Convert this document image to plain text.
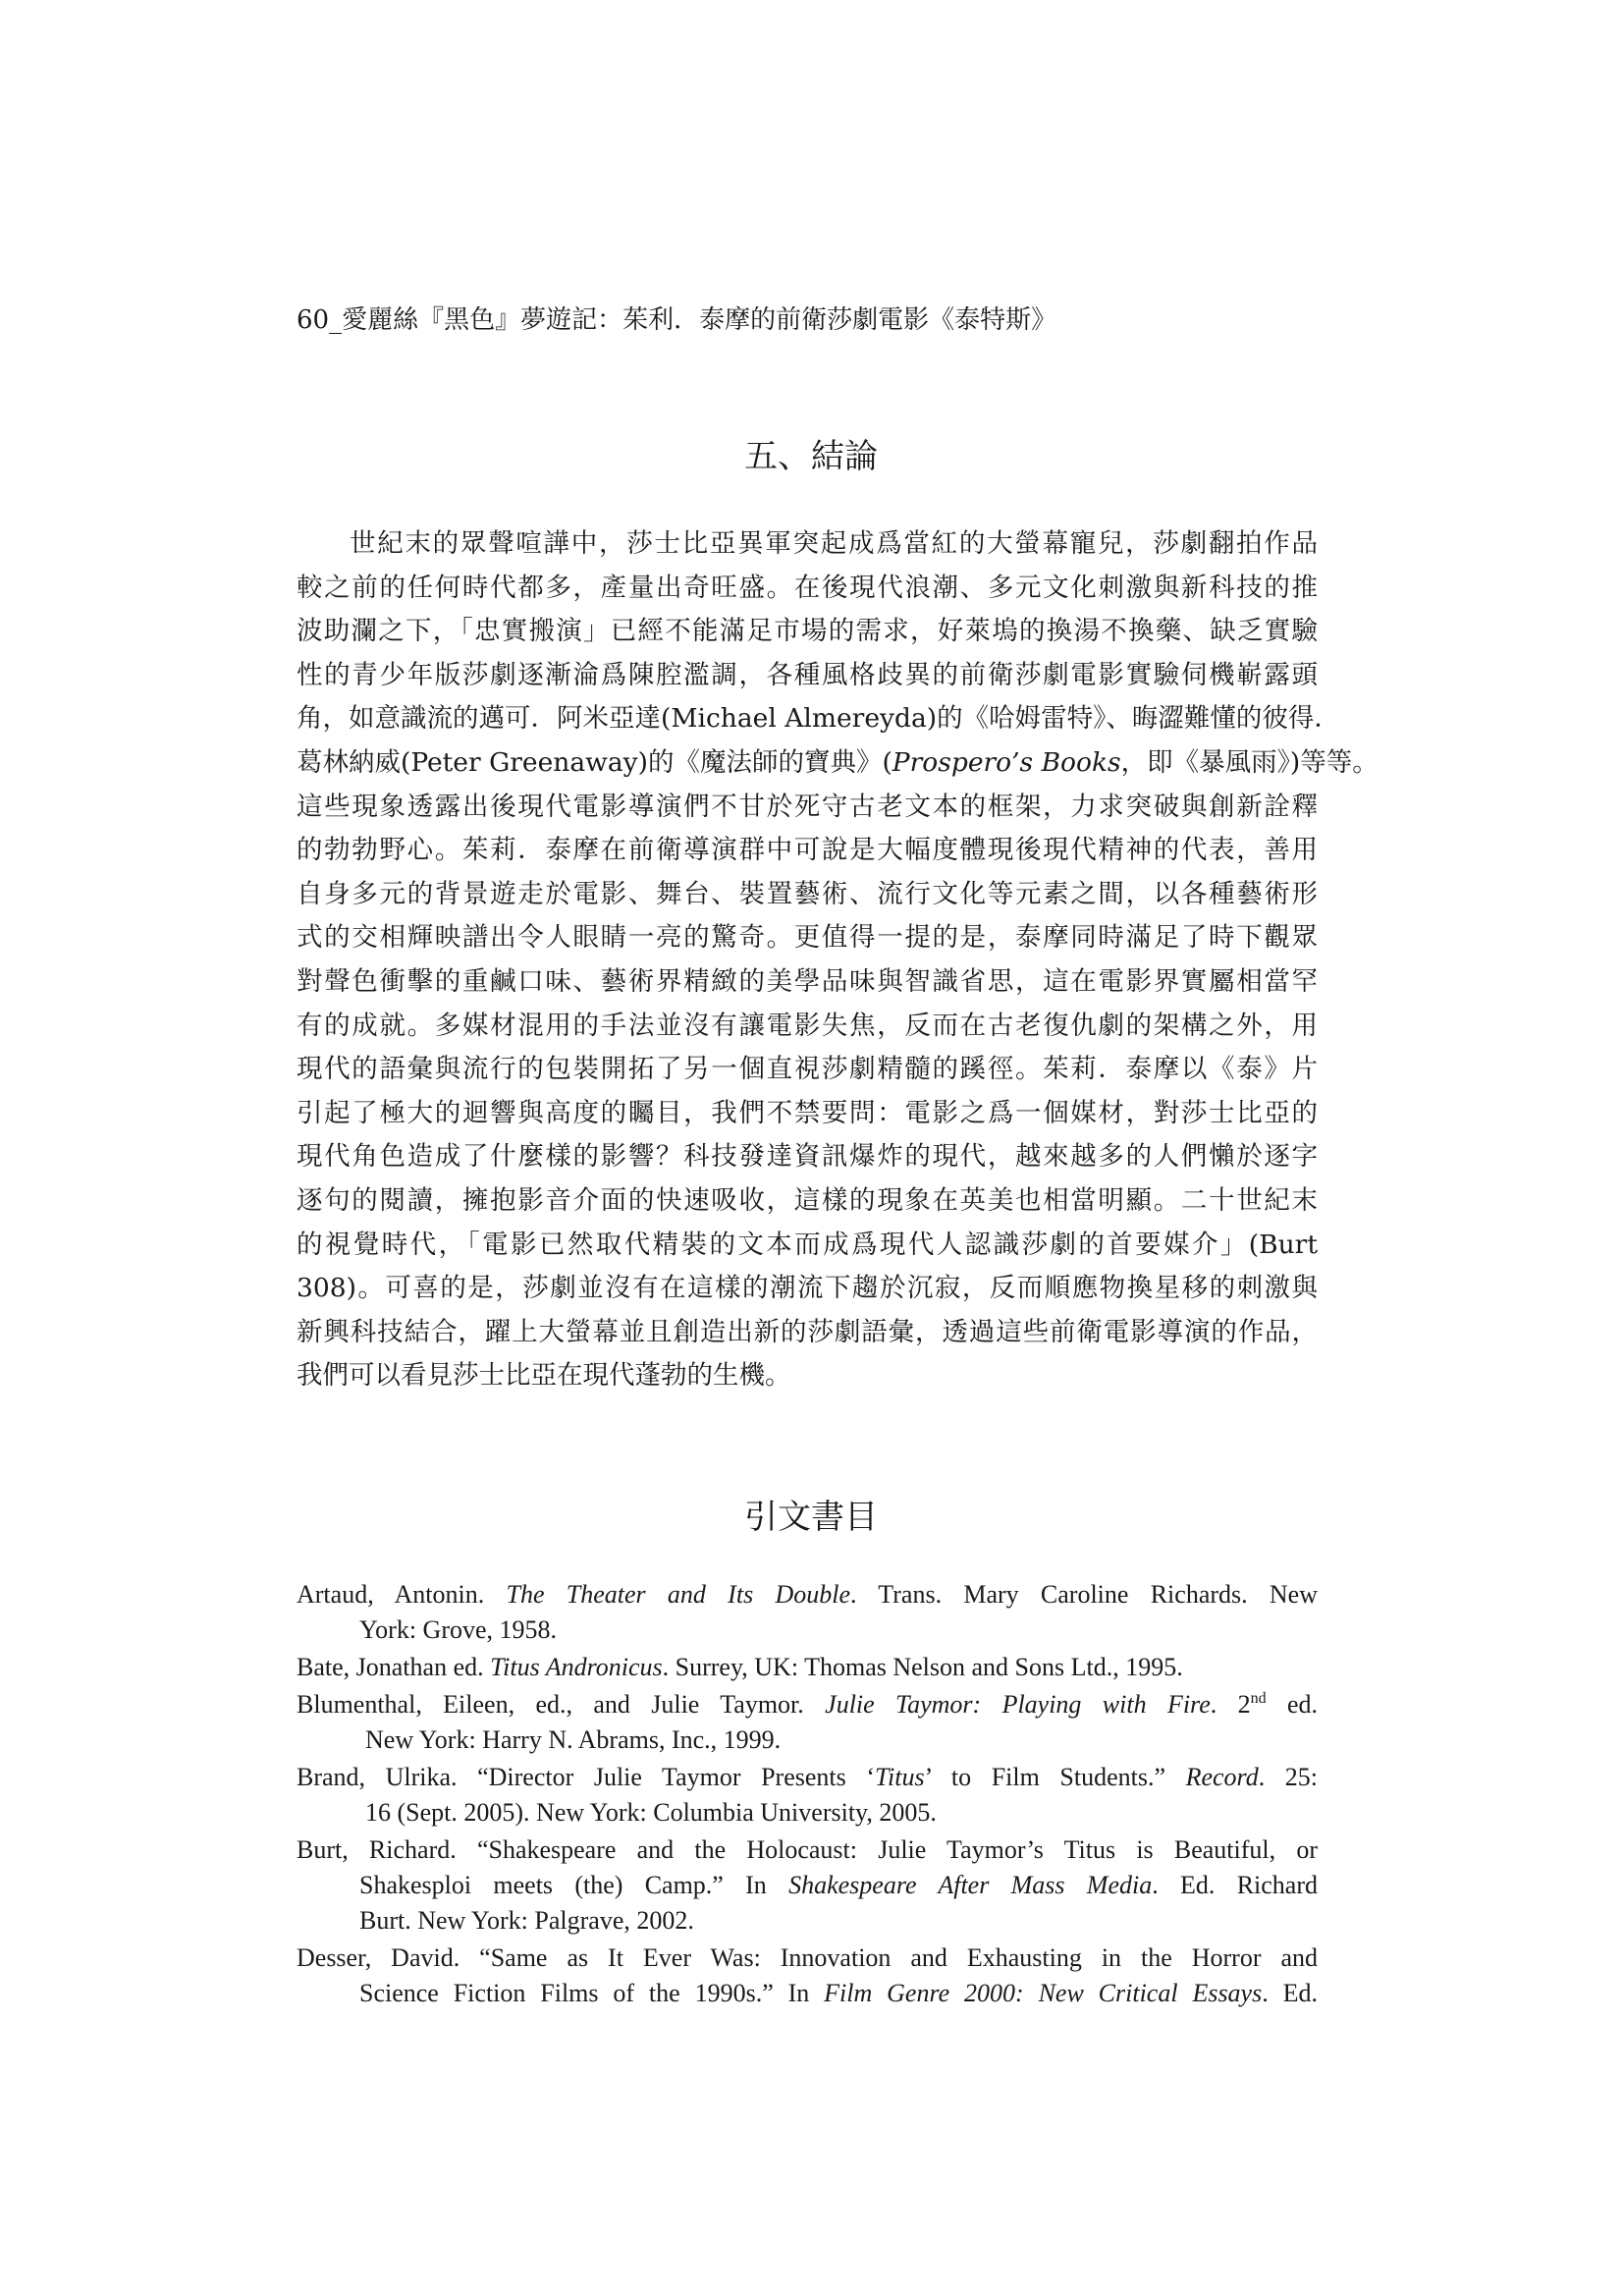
60_愛麗絲『黑色』夢遊記：茱利．泰摩的前衛莎劇電影《泰特斯》
五、結論
世紀末的眾聲喧譁中，莎士比亞異軍突起成爲當紅的大螢幕寵兒，莎劇翻拍作品
較之前的任何時代都多，產量出奇旺盛。在後現代浪潮、多元文化刺激與新科技的推
波助瀾之下，「忠實搬演」已經不能滿足市場的需求，好萊塢的換湯不換藥、缺乏實驗
性的青少年版莎劇逐漸淪爲陳腔濫調，各種風格歧異的前衛莎劇電影實驗伺機嶄露頭
角，如意識流的邁可．阿米亞達(Michael Almereyda)的《哈姆雷特》、晦澀難懂的彼得．
葛林納威(Peter Greenaway)的《魔法師的寶典》(Prospero’s Books，即《暴風雨》)等等。
這些現象透露出後現代電影導演們不甘於死守古老文本的框架，力求突破與創新詮釋
的勃勃野心。茱莉．泰摩在前衛導演群中可說是大幅度體現後現代精神的代表，善用
自身多元的背景遊走於電影、舞台、裝置藝術、流行文化等元素之間，以各種藝術形
式的交相輝映譜出令人眼睛一亮的驚奇。更值得一提的是，泰摩同時滿足了時下觀眾
對聲色衝擊的重鹹口味、藝術界精緻的美學品味與智識省思，這在電影界實屬相當罕
有的成就。多媒材混用的手法並沒有讓電影失焦，反而在古老復仇劇的架構之外，用
現代的語彙與流行的包裝開拓了另一個直視莎劇精髓的蹊徑。茱莉．泰摩以《泰》片
引起了極大的迴響與高度的矚目，我們不禁要問：電影之爲一個媒材，對莎士比亞的
現代角色造成了什麼樣的影響？科技發達資訊爆炸的現代，越來越多的人們懶於逐字
逐句的閱讀，擁抱影音介面的快速吸收，這樣的現象在英美也相當明顯。二十世紀末
的視覺時代，「電影已然取代精裝的文本而成爲現代人認識莎劇的首要媒介」(Burt
308)。可喜的是，莎劇並沒有在這樣的潮流下趨於沉寂，反而順應物換星移的刺激與
新興科技結合，躍上大螢幕並且創造出新的莎劇語彙，透過這些前衛電影導演的作品，
我們可以看見莎士比亞在現代蓬勃的生機。
引文書目
Artaud, Antonin. The Theater and Its Double. Trans. Mary Caroline Richards. New
York: Grove, 1958.
Bate, Jonathan ed. Titus Andronicus. Surrey, UK: Thomas Nelson and Sons Ltd., 1995.
Blumenthal, Eileen, ed., and Julie Taymor. Julie Taymor: Playing with Fire. 2nd ed.
New York: Harry N. Abrams, Inc., 1999.
Brand, Ulrika. “Director Julie Taymor Presents ‘Titus’ to Film Students.” Record. 25:
16 (Sept. 2005). New York: Columbia University, 2005.
Burt, Richard. “Shakespeare and the Holocaust: Julie Taymor’s Titus is Beautiful, or
Shakesploi meets (the) Camp.” In Shakespeare After Mass Media. Ed. Richard
Burt. New York: Palgrave, 2002.
Desser, David. “Same as It Ever Was: Innovation and Exhausting in the Horror and
Science Fiction Films of the 1990s.” In Film Genre 2000: New Critical Essays. Ed.
